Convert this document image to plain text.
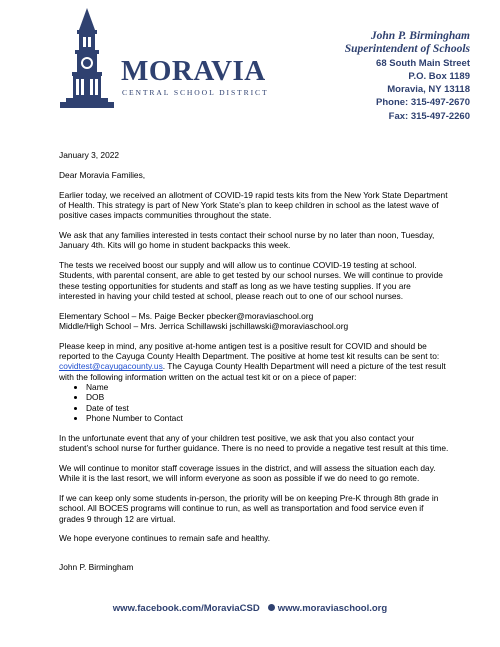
MORAVIA
CENTRAL SCHOOL DISTRICT
John P. Birmingham
Superintendent of Schools
68 South Main Street
P.O. Box 1189
Moravia, NY 13118
Phone: 315-497-2670
Fax: 315-497-2260

January 3, 2022

Dear Moravia Families,

Earlier today, we received an allotment of COVID-19 rapid tests kits from the New York State Department of Health. This strategy is part of New York State’s plan to keep children in school as the latest wave of positive cases impacts communities throughout the state.

We ask that any families interested in tests contact their school nurse by no later than noon, Tuesday, January 4th. Kits will go home in student backpacks this week.

The tests we received boost our supply and will allow us to continue COVID-19 testing at school. Students, with parental consent, are able to get tested by our school nurses. We will continue to provide these testing opportunities for students and staff as long as we have testing supplies. If you are interested in having your child tested at school, please reach out to one of our school nurses.

Elementary School – Ms. Paige Becker pbecker@moraviaschool.org

Middle/High School – Mrs. Jerrica Schillawski jschillawski@moraviaschool.org

Please keep in mind, any positive at-home antigen test is a positive result for COVID and should be reported to the Cayuga County Health Department. The positive at home test kit results can be sent to: covidtest@cayugacounty.us. The Cayuga County Health Department will need a picture of the test result with the following information written on the actual test kit or on a piece of paper:

• Name
• DOB
• Date of test
• Phone Number to Contact

In the unfortunate event that any of your children test positive, we ask that you also contact your student’s school nurse for further guidance. There is no need to provide a negative test result at this time.

We will continue to monitor staff coverage issues in the district, and will assess the situation each day. While it is the last resort, we will inform everyone as soon as possible if we do need to go remote.

If we can keep only some students in-person, the priority will be on keeping Pre-K through 8th grade in school. All BOCES programs will continue to run, as well as transportation and food service even if grades 9 through 12 are virtual.

We hope everyone continues to remain safe and healthy.

John P. Birmingham

www.facebook.com/MoraviaCSD www.moraviaschool.org
